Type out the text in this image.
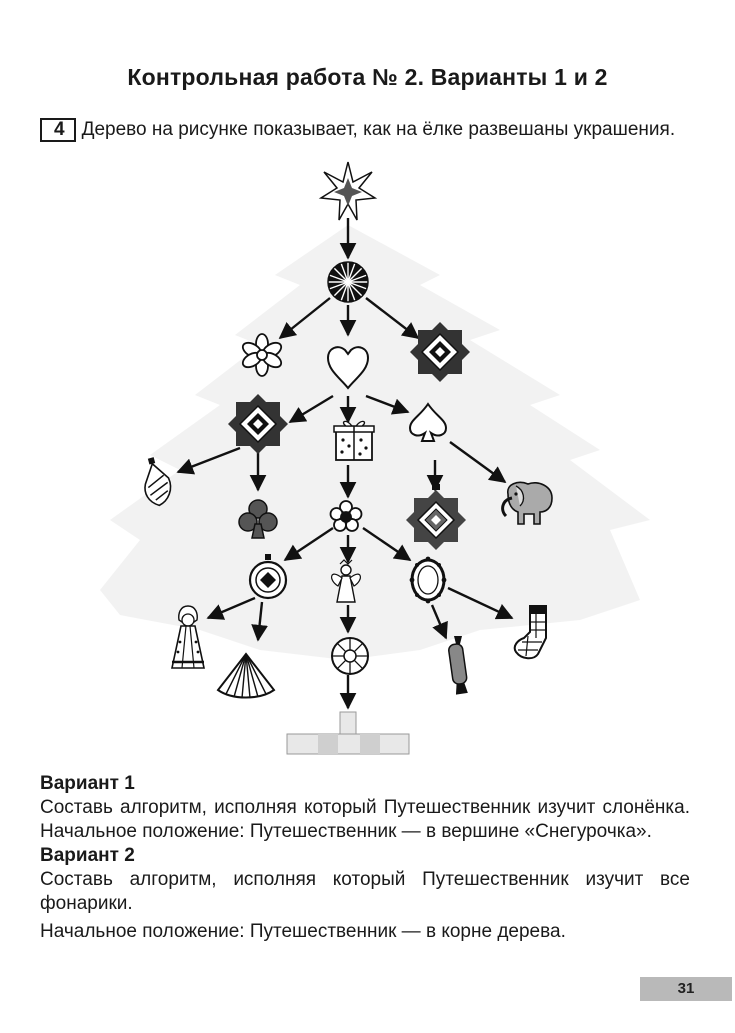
Контрольная работа № 2. Варианты 1 и 2
4 Дерево на рисунке показывает, как на ёлке развешаны украшения.
Вариант 1
Составь алгоритм, исполняя который Путешественник изучит слонёнка. Начальное положение: Путешественник — в вершине «Снегурочка».
Вариант 2
Составь алгоритм, исполняя который Путешественник изучит все фонарики.
Начальное положение: Путешественник — в корне дерева.
31
